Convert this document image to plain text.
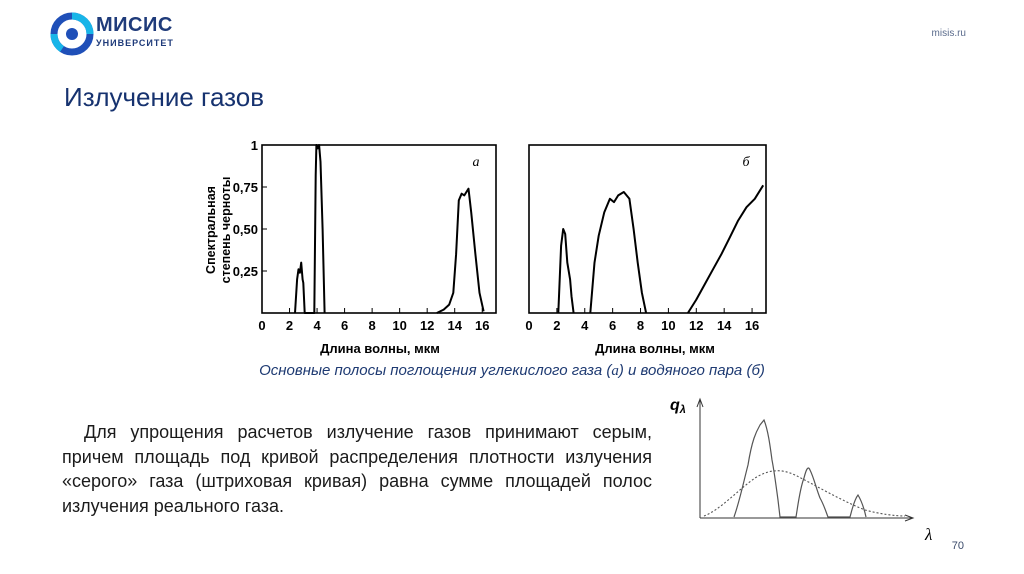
МИСИС
УНИВЕРСИТЕТ
misis.ru
Излучение газов
0 2 4 6 8 10 12 14 16
0,25
0,50
0,75
1
а
Длина волны, мкм
Спектральная степень черноты
0 2 4 6 8 10 12 14 16
б
Длина волны, мкм
qλ
λ
Основные полосы поглощения углекислого газа (а) и водяного пара (б)
Для упрощения расчетов излучение газов принимают серым, причем площадь под кривой распределения плотности излучения «серого» газа (штриховая кривая) равна сумме площадей полос излучения реального газа.
70
